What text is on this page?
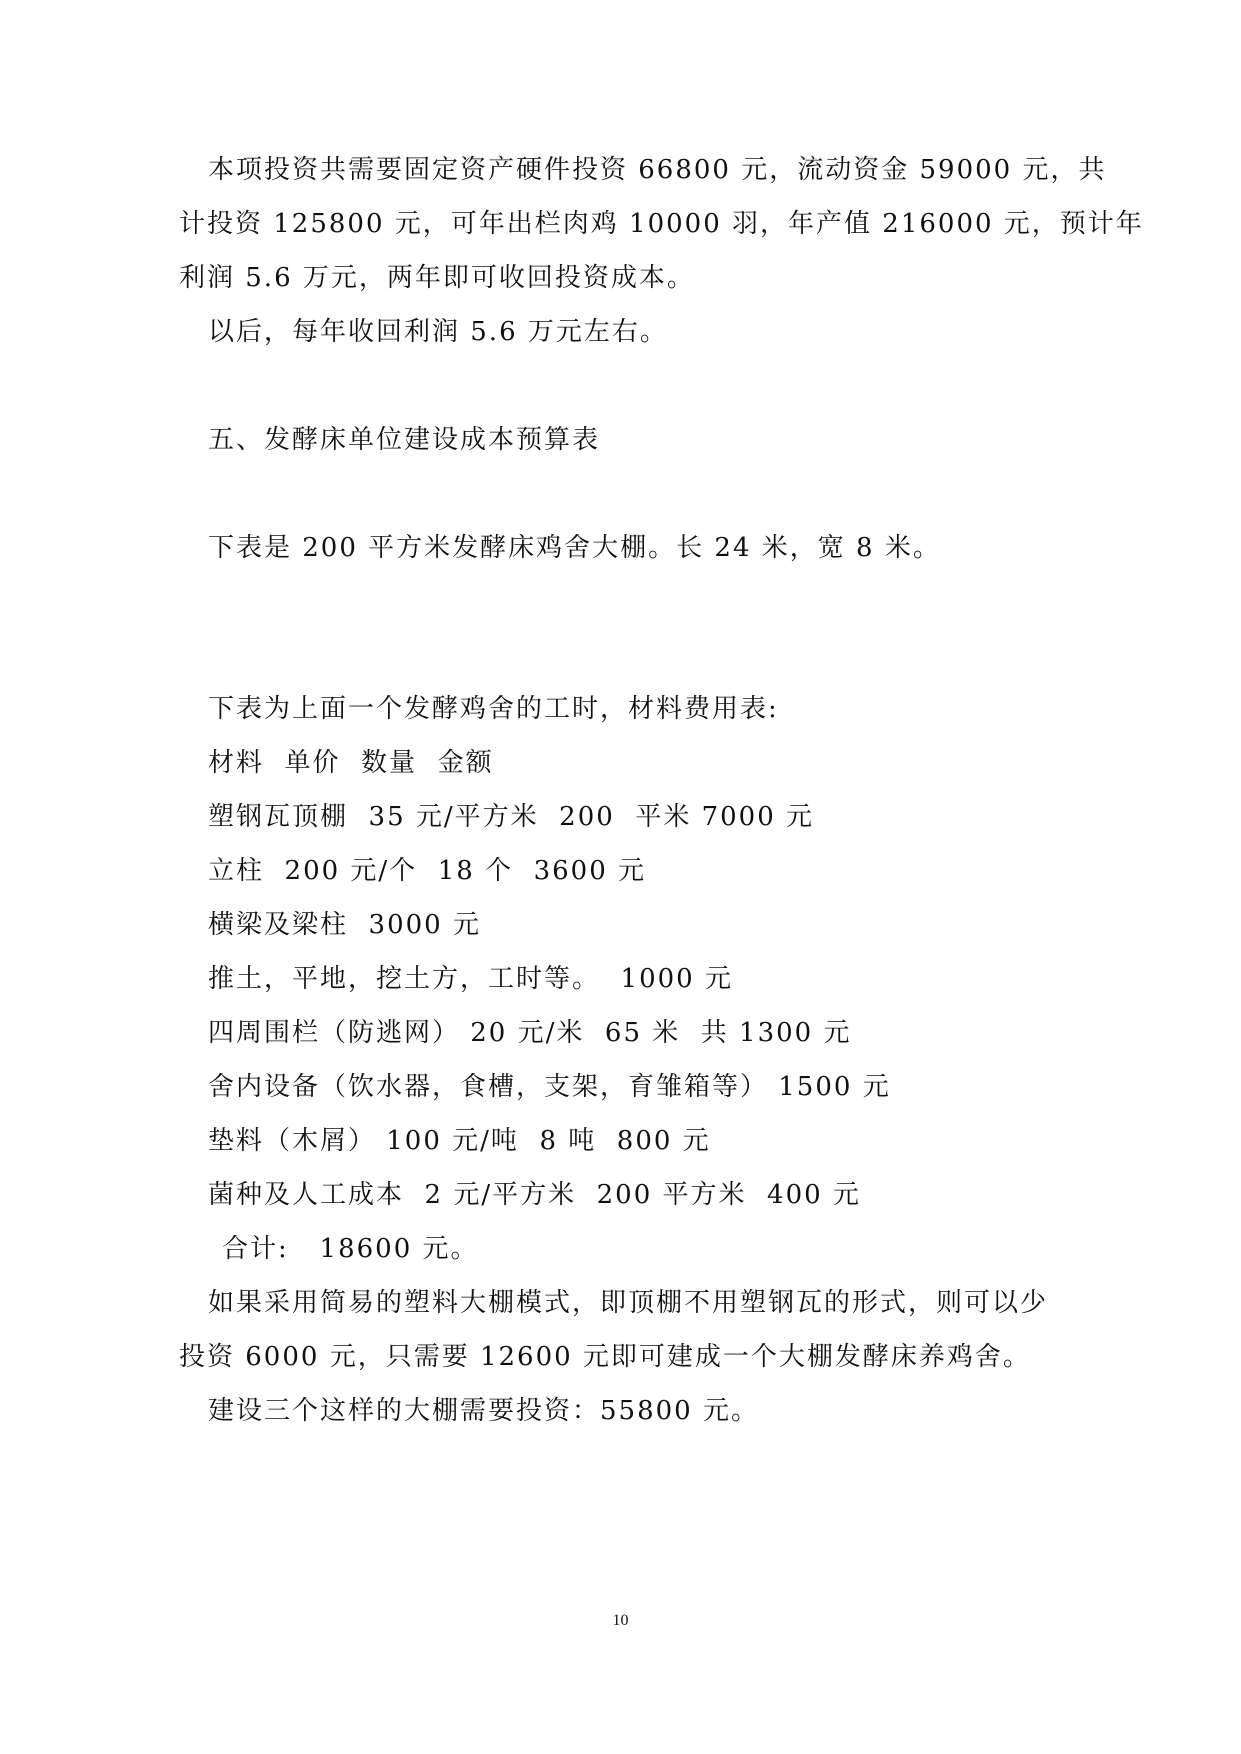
本项投资共需要固定资产硬件投资 66800 元，流动资金 59000 元，共
计投资 125800 元，可年出栏肉鸡 10000 羽，年产值 216000 元，预计年
利润 5.6 万元，两年即可收回投资成本。
以后，每年收回利润 5.6 万元左右。
五、发酵床单位建设成本预算表
下表是 200 平方米发酵床鸡舍大棚。长 24 米，宽 8 米。
下表为上面一个发酵鸡舍的工时，材料费用表:
材料  单价  数量  金额
塑钢瓦顶棚  35 元/平方米  200  平米 7000 元
立柱  200 元/个  18 个  3600 元
横梁及梁柱  3000 元
推土，平地，挖土方，工时等。  1000 元
四周围栏（防逃网） 20 元/米  65 米  共 1300 元
舍内设备（饮水器，食槽，支架，育雏箱等） 1500 元
垫料（木屑） 100 元/吨  8 吨  800 元
菌种及人工成本  2 元/平方米  200 平方米  400 元
合计:   18600 元。
如果采用简易的塑料大棚模式，即顶棚不用塑钢瓦的形式，则可以少
投资 6000 元，只需要 12600 元即可建成一个大棚发酵床养鸡舍。
建设三个这样的大棚需要投资：55800 元。
10
